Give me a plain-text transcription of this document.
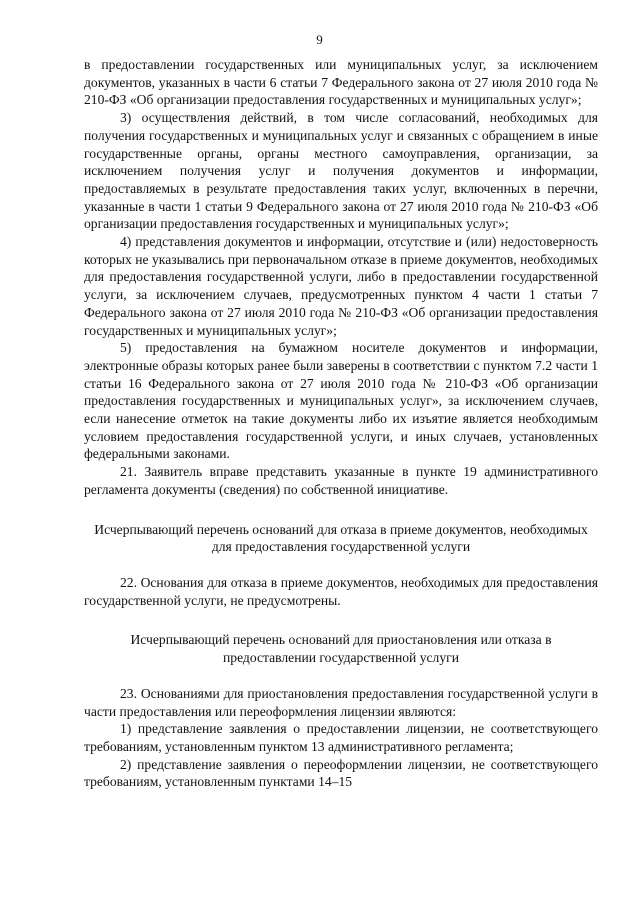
9

в предоставлении государственных или муниципальных услуг, за исключением документов, указанных в части 6 статьи 7 Федерального закона от 27 июля 2010 года № 210-ФЗ «Об организации предоставления государственных и муниципальных услуг»;

3) осуществления действий, в том числе согласований, необходимых для получения государственных и муниципальных услуг и связанных с обращением в иные государственные органы, органы местного самоуправления, организации, за исключением получения услуг и получения документов и информации, предоставляемых в результате предоставления таких услуг, включенных в перечни, указанные в части 1 статьи 9 Федерального закона от 27 июля 2010 года № 210-ФЗ «Об организации предоставления государственных и муниципальных услуг»;

4) представления документов и информации, отсутствие и (или) недостоверность которых не указывались при первоначальном отказе в приеме документов, необходимых для предоставления государственной услуги, либо в предоставлении государственной услуги, за исключением случаев, предусмотренных пунктом 4 части 1 статьи 7 Федерального закона от 27 июля 2010 года № 210-ФЗ «Об организации предоставления государственных и муниципальных услуг»;

5) предоставления на бумажном носителе документов и информации, электронные образы которых ранее были заверены в соответствии с пунктом 7.2 части 1 статьи 16 Федерального закона от 27 июля 2010 года № 210-ФЗ «Об организации предоставления государственных и муниципальных услуг», за исключением случаев, если нанесение отметок на такие документы либо их изъятие является необходимым условием предоставления государственной услуги, и иных случаев, установленных федеральными законами.

21. Заявитель вправе представить указанные в пункте 19 административного регламента документы (сведения) по собственной инициативе.

Исчерпывающий перечень оснований для отказа в приеме документов, необходимых для предоставления государственной услуги

22. Основания для отказа в приеме документов, необходимых для предоставления государственной услуги, не предусмотрены.

Исчерпывающий перечень оснований для приостановления или отказа в предоставлении государственной услуги

23. Основаниями для приостановления предоставления государственной услуги в части предоставления или переоформления лицензии являются:

1) представление заявления о предоставлении лицензии, не соответствующего требованиям, установленным пунктом 13 административного регламента;

2) представление заявления о переоформлении лицензии, не соответствующего требованиям, установленным пунктами 14–15
